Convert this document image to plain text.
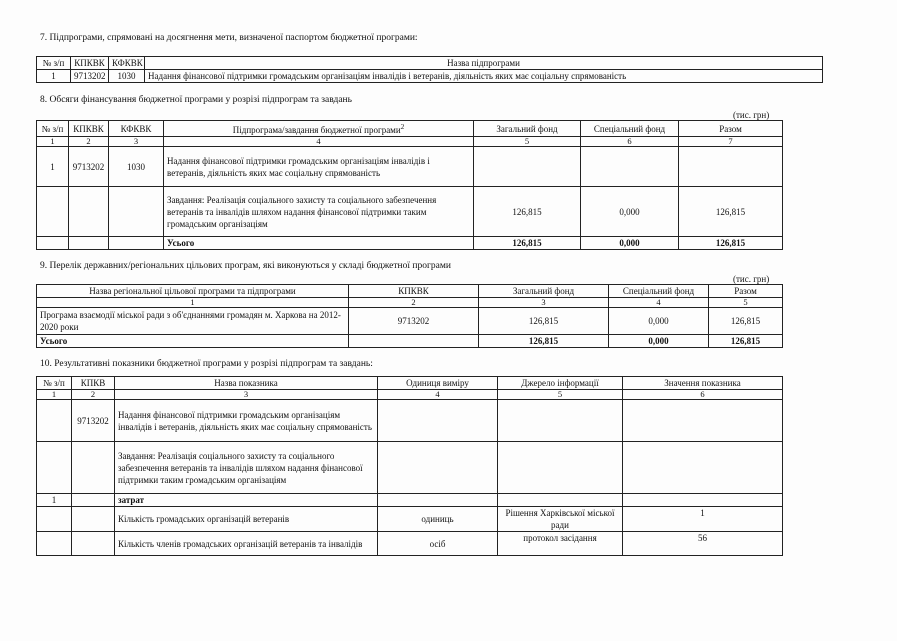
7. Підпрограми, спрямовані на досягнення мети, визначеної паспортом бюджетної програми:
№ з/п	КПКВК	КФКВК	Назва підпрограми
1	9713202	1030	Надання фінансової підтримки громадським організаціям інвалідів і ветеранів, діяльність яких має соціальну спрямованість
8. Обсяги фінансування бюджетної програми у розрізі підпрограм та завдань
(тис. грн)
№ з/п	КПКВК	КФКВК	Підпрограма/завдання бюджетної програми$^2$	Загальний фонд	Спеціальний фонд	Разом
1	2	3	4	5	6	7
1	9713202	1030	Надання фінансової підтримки громадським організаціям інвалідів і ветеранів, діяльність яких має соціальну спрямованість			
			Завдання: Реалізація соціального захисту та соціального забезпечення ветеранів та інвалідів шляхом надання фінансової підтримки таким громадським організаціям	126,815	0,000	126,815
			Усього	126,815	0,000	126,815
9. Перелік державних/регіональних цільових програм, які виконуються у складі бюджетної програми
(тис. грн)
Назва регіональної цільової програми та підпрограми	КПКВК	Загальний фонд	Спеціальний фонд	Разом
1	2	3	4	5
Програма взаємодії міської ради з об'єднаннями громадян м. Харкова на 2012-2020 роки	9713202	126,815	0,000	126,815
Усього		126,815	0,000	126,815
10. Результативні показники бюджетної програми у розрізі підпрограм та завдань:
№ з/п	КПКВ	Назва показника	Одиниця виміру	Джерело інформації	Значення показника
1	2	3	4	5	6
	9713202	Надання фінансової підтримки громадським організаціям інвалідів і ветеранів, діяльність яких має соціальну спрямованість			
		Завдання: Реалізація соціального захисту та соціального забезпечення ветеранів та інвалідів шляхом надання фінансової підтримки таким громадським організаціям			
1		затрат			
		Кількість громадських організацій ветеранів	одиниць	Рішення Харківської міської ради	1
		Кількість членів громадських організацій ветеранів та інвалідів	осіб	протокол засідання	56
